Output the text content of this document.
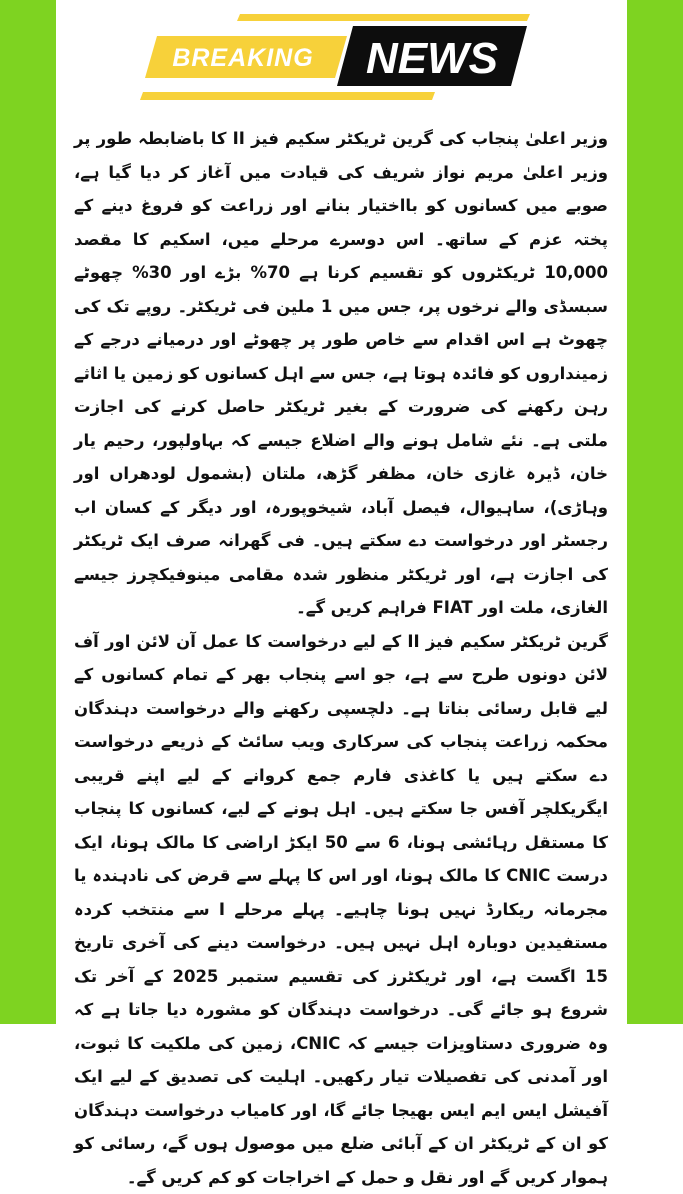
BREAKING NEWS

وزیر اعلیٰ پنجاب کی گرین ٹریکٹر سکیم فیز II کا باضابطہ طور پر وزیر اعلیٰ مریم نواز شریف کی قیادت میں آغاز کر دیا گیا ہے، صوبے میں کسانوں کو بااختیار بنانے اور زراعت کو فروغ دینے کے پختہ عزم کے ساتھ۔ اس دوسرے مرحلے میں، اسکیم کا مقصد 10,000 ٹریکٹروں کو تقسیم کرنا ہے 70% بڑے اور 30% چھوٹے سبسڈی والے نرخوں پر، جس میں 1 ملین فی ٹریکٹر۔ روپے تک کی چھوٹ ہے اس اقدام سے خاص طور پر چھوٹے اور درمیانے درجے کے زمینداروں کو فائدہ ہوتا ہے، جس سے اہل کسانوں کو زمین یا اثاثے رہن رکھنے کی ضرورت کے بغیر ٹریکٹر حاصل کرنے کی اجازت ملتی ہے۔ نئے شامل ہونے والے اضلاع جیسے کہ بہاولپور، رحیم یار خان، ڈیرہ غازی خان، مظفر گڑھ، ملتان (بشمول لودھراں اور وہاڑی)، ساہیوال، فیصل آباد، شیخوپورہ، اور دیگر کے کسان اب رجسٹر اور درخواست دے سکتے ہیں۔ فی گھرانہ صرف ایک ٹریکٹر کی اجازت ہے، اور ٹریکٹر منظور شدہ مقامی مینوفیکچرز جیسے الغازی، ملت اور FIAT فراہم کریں گے۔

گرین ٹریکٹر سکیم فیز II کے لیے درخواست کا عمل آن لائن اور آف لائن دونوں طرح سے ہے، جو اسے پنجاب بھر کے تمام کسانوں کے لیے قابل رسائی بناتا ہے۔ دلچسپی رکھنے والے درخواست دہندگان محکمہ زراعت پنجاب کی سرکاری ویب سائٹ کے ذریعے درخواست دے سکتے ہیں یا کاغذی فارم جمع کروانے کے لیے اپنے قریبی ایگریکلچر آفس جا سکتے ہیں۔ اہل ہونے کے لیے، کسانوں کا پنجاب کا مستقل رہائشی ہونا، 6 سے 50 ایکڑ اراضی کا مالک ہونا، ایک درست CNIC کا مالک ہونا، اور اس کا پہلے سے قرض کی نادہندہ یا مجرمانہ ریکارڈ نہیں ہونا چاہیے۔ پہلے مرحلے I سے منتخب کردہ مستفیدین دوبارہ اہل نہیں ہیں۔ درخواست دینے کی آخری تاریخ 15 اگست ہے، اور ٹریکٹرز کی تقسیم ستمبر 2025 کے آخر تک شروع ہو جائے گی۔ درخواست دہندگان کو مشورہ دیا جاتا ہے کہ وہ ضروری دستاویزات جیسے کہ CNIC، زمین کی ملکیت کا ثبوت، اور آمدنی کی تفصیلات تیار رکھیں۔ اہلیت کی تصدیق کے لیے ایک آفیشل ایس ایم ایس بھیجا جائے گا، اور کامیاب درخواست دہندگان کو ان کے ٹریکٹر ان کے آبائی ضلع میں موصول ہوں گے، رسائی کو ہموار کریں گے اور نقل و حمل کے اخراجات کو کم کریں گے۔
